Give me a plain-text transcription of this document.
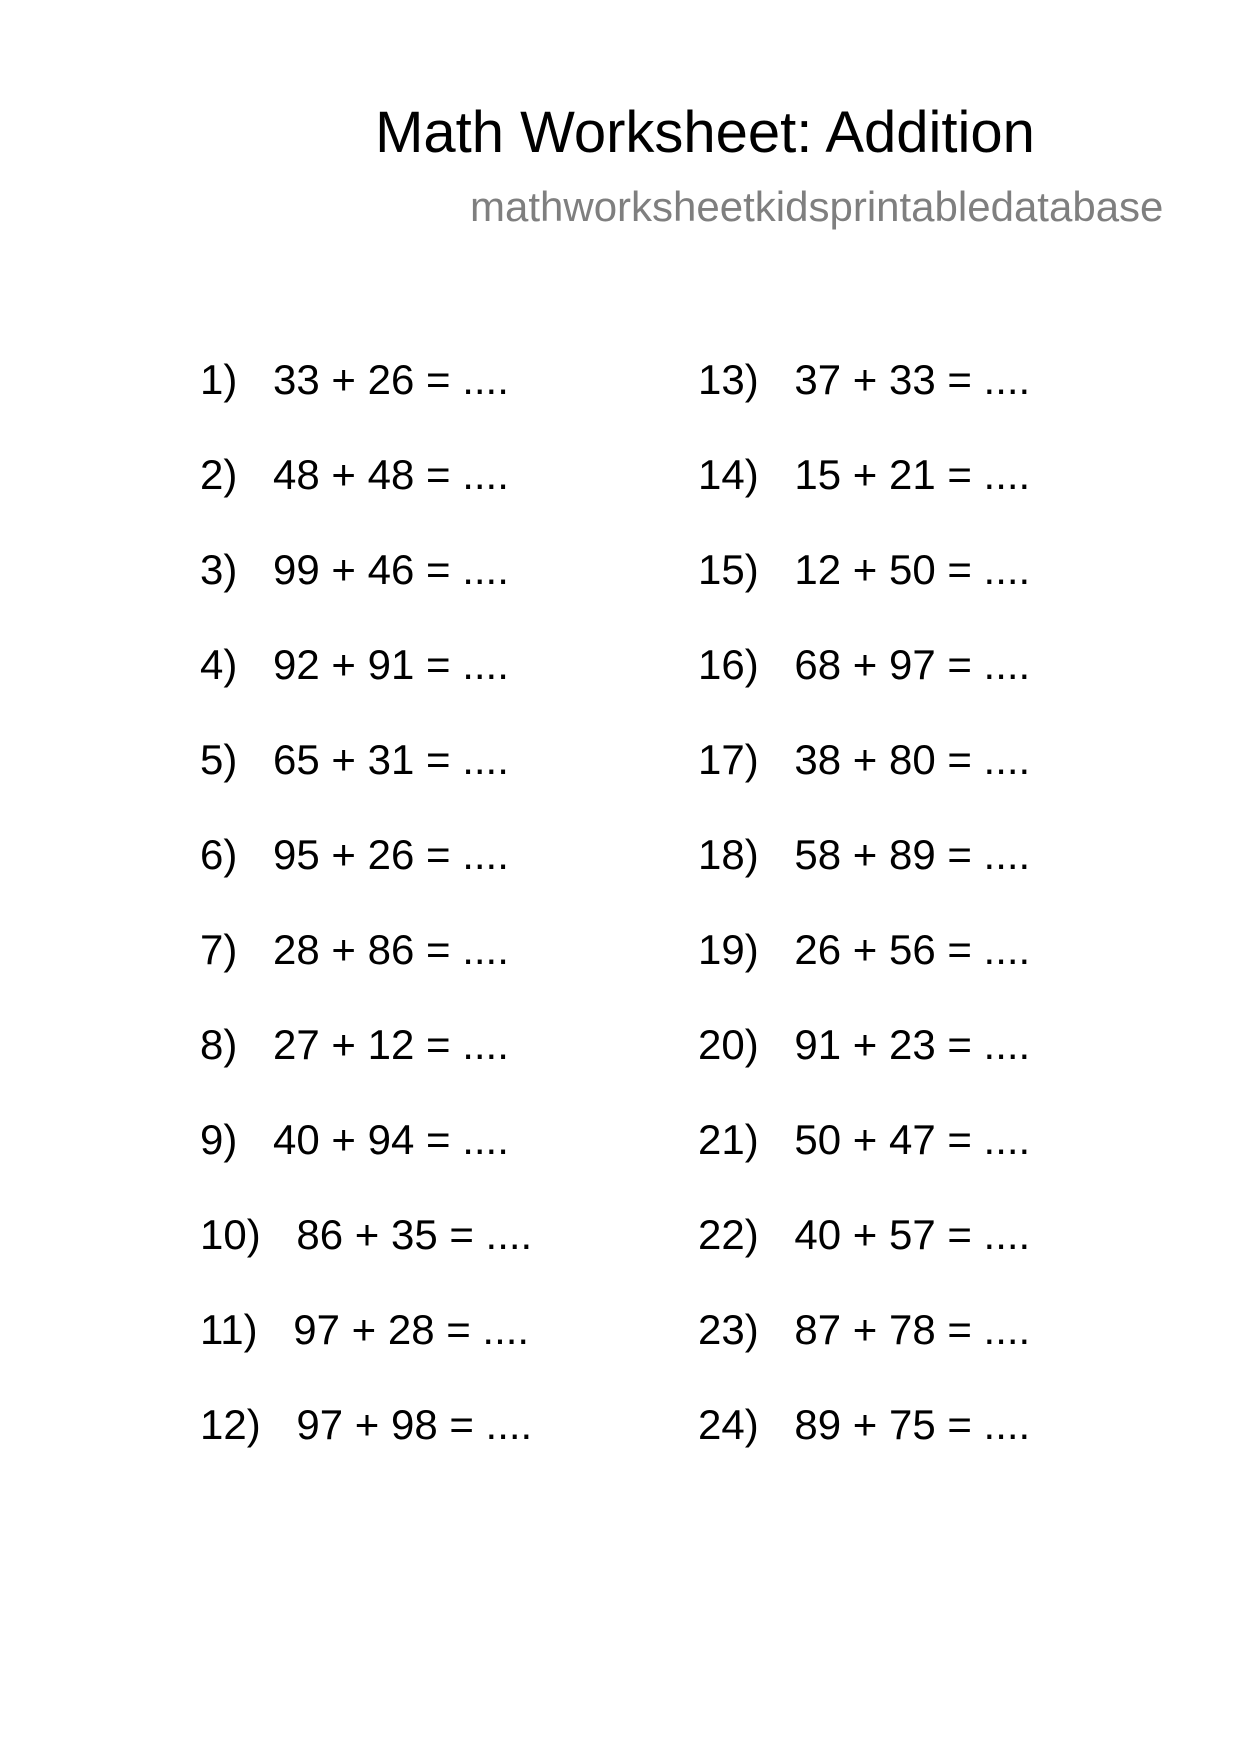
Math Worksheet: Addition
mathworksheetkidsprintabledatabase
1) 33 + 26 = ....
2) 48 + 48 = ....
3) 99 + 46 = ....
4) 92 + 91 = ....
5) 65 + 31 = ....
6) 95 + 26 = ....
7) 28 + 86 = ....
8) 27 + 12 = ....
9) 40 + 94 = ....
10) 86 + 35 = ....
11) 97 + 28 = ....
12) 97 + 98 = ....
13) 37 + 33 = ....
14) 15 + 21 = ....
15) 12 + 50 = ....
16) 68 + 97 = ....
17) 38 + 80 = ....
18) 58 + 89 = ....
19) 26 + 56 = ....
20) 91 + 23 = ....
21) 50 + 47 = ....
22) 40 + 57 = ....
23) 87 + 78 = ....
24) 89 + 75 = ....
